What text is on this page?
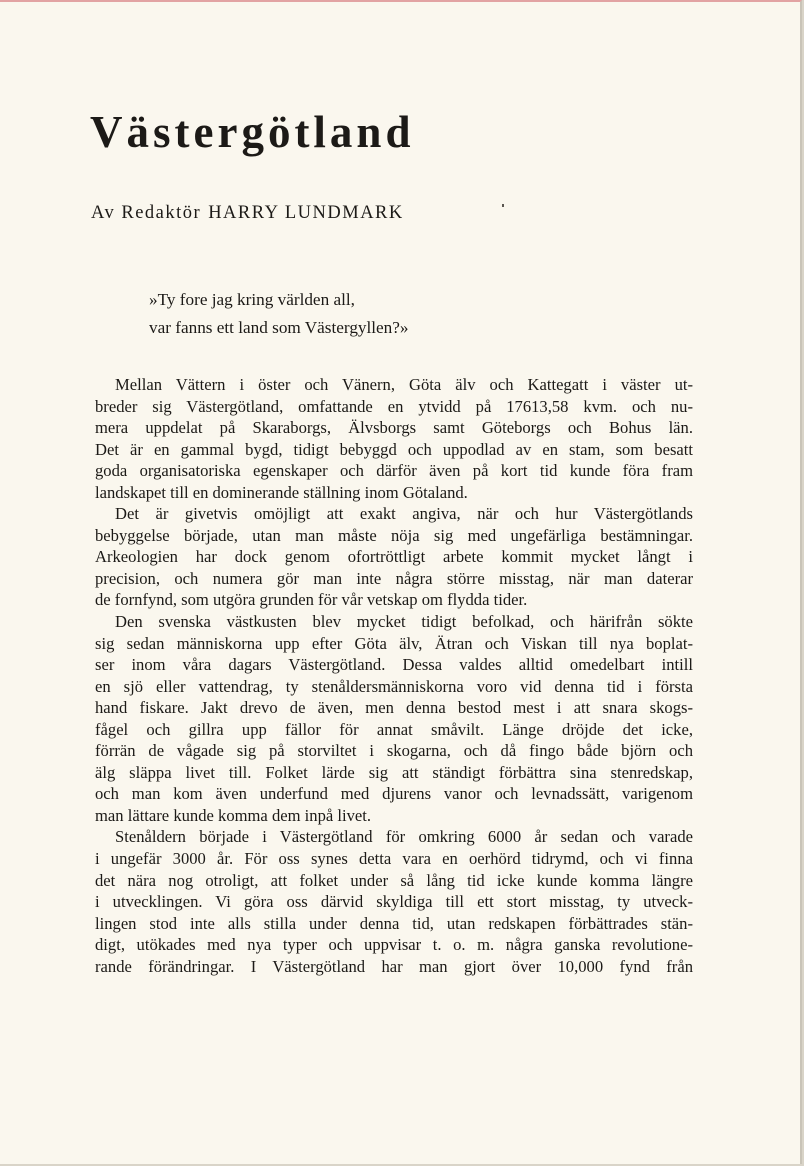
Västergötland
Av Redaktör HARRY LUNDMARK
»Ty fore jag kring världen all,
var fanns ett land som Västergyllen?»
Mellan Vättern i öster och Vänern, Göta älv och Kattegatt i väster ut-
breder sig Västergötland, omfattande en ytvidd på 17613,58 kvm. och nu-
mera uppdelat på Skaraborgs, Älvsborgs samt Göteborgs och Bohus län.
Det är en gammal bygd, tidigt bebyggd och uppodlad av en stam, som besatt
goda organisatoriska egenskaper och därför även på kort tid kunde föra fram
landskapet till en dominerande ställning inom Götaland.
Det är givetvis omöjligt att exakt angiva, när och hur Västergötlands
bebyggelse började, utan man måste nöja sig med ungefärliga bestämningar.
Arkeologien har dock genom ofortröttligt arbete kommit mycket långt i
precision, och numera gör man inte några större misstag, när man daterar
de fornfynd, som utgöra grunden för vår vetskap om flydda tider.
Den svenska västkusten blev mycket tidigt befolkad, och härifrån sökte
sig sedan människorna upp efter Göta älv, Ätran och Viskan till nya boplat-
ser inom våra dagars Västergötland. Dessa valdes alltid omedelbart intill
en sjö eller vattendrag, ty stenåldersmänniskorna voro vid denna tid i första
hand fiskare. Jakt drevo de även, men denna bestod mest i att snara skogs-
fågel och gillra upp fällor för annat småvilt. Länge dröjde det icke,
förrän de vågade sig på storviltet i skogarna, och då fingo både björn och
älg släppa livet till. Folket lärde sig att ständigt förbättra sina stenredskap,
och man kom även underfund med djurens vanor och levnadssätt, varigenom
man lättare kunde komma dem inpå livet.
Stenåldern började i Västergötland för omkring 6000 år sedan och varade
i ungefär 3000 år. För oss synes detta vara en oerhörd tidrymd, och vi finna
det nära nog otroligt, att folket under så lång tid icke kunde komma längre
i utvecklingen. Vi göra oss därvid skyldiga till ett stort misstag, ty utveck-
lingen stod inte alls stilla under denna tid, utan redskapen förbättrades stän-
digt, utökades med nya typer och uppvisar t. o. m. några ganska revolutione-
rande förändringar. I Västergötland har man gjort över 10,000 fynd från
